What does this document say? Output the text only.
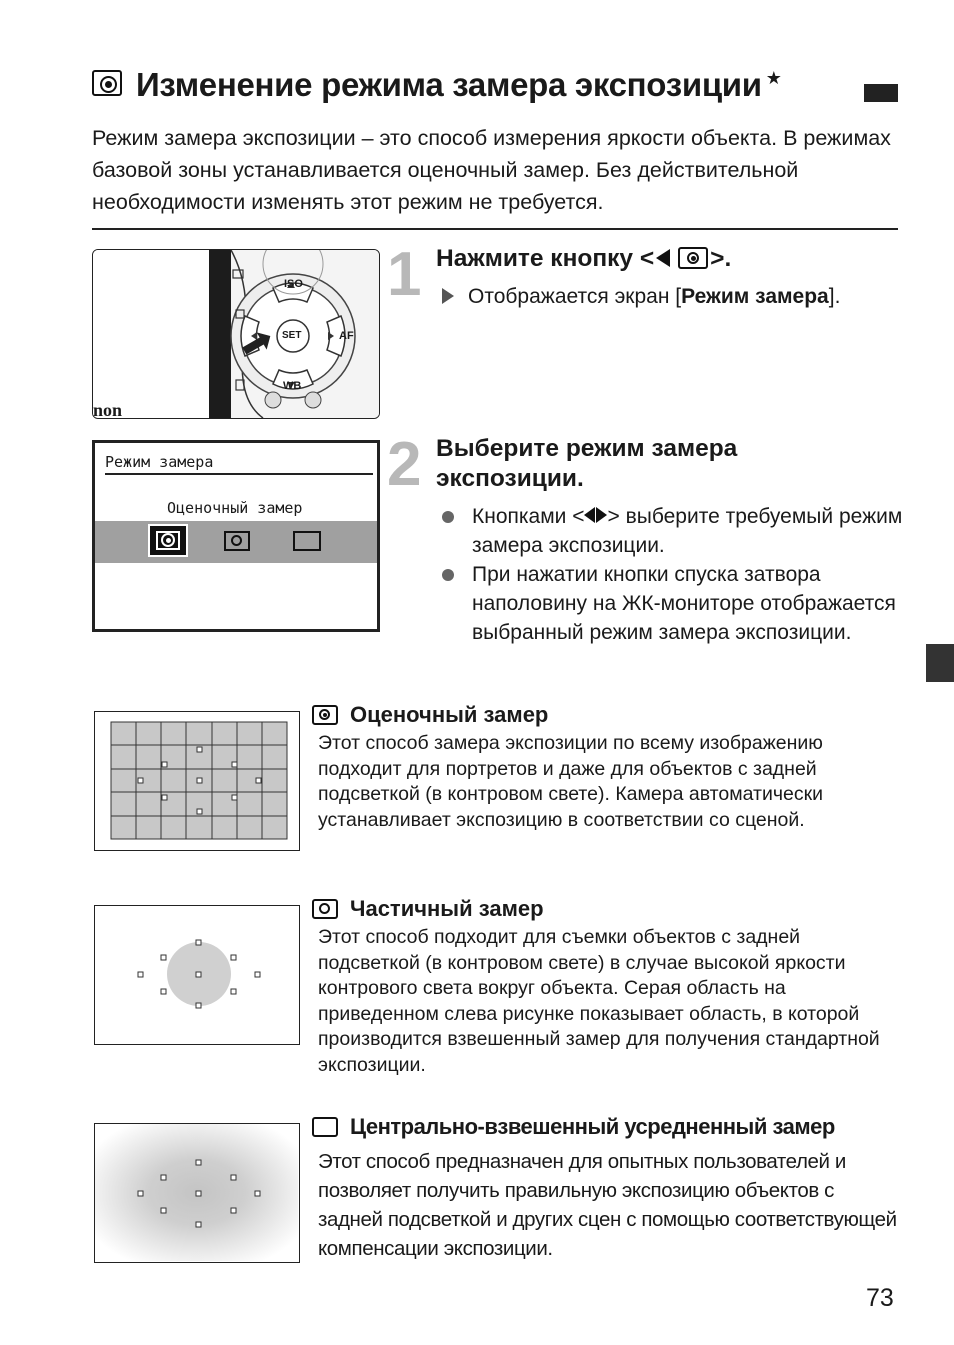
Изменение режима замера экспозиции ★
Режим замера экспозиции – это способ измерения яркости объекта. В режимах базовой зоны устанавливается оценочный замер. Без действительной необходимости изменять этот режим не требуется.
ISO
SET	AF
WB
non
1 Нажмите кнопку < >.
Отображается экран [Режим замера].
Режим замера
Оценочный замер
2 Выберите режим замера экспозиции.
Кнопками < > выберите требуемый режим замера экспозиции.
При нажатии кнопки спуска затвора наполовину на ЖК-мониторе отображается выбранный режим замера экспозиции.
Оценочный замер
Этот способ замера экспозиции по всему изображению подходит для портретов и даже для объектов с задней подсветкой (в контровом свете). Камера автоматически устанавливает экспозицию в соответствии со сценой.
Частичный замер
Этот способ подходит для съемки объектов с задней подсветкой (в контровом свете) в случае высокой яркости контрового света вокруг объекта. Серая область на приведенном слева рисунке показывает область, в которой производится взвешенный замер для получения стандартной экспозиции.
Центрально-взвешенный усредненный замер
Этот способ предназначен для опытных пользователей и позволяет получить правильную экспозицию объектов с задней подсветкой и других сцен с помощью соответствующей компенсации экспозиции.
73
